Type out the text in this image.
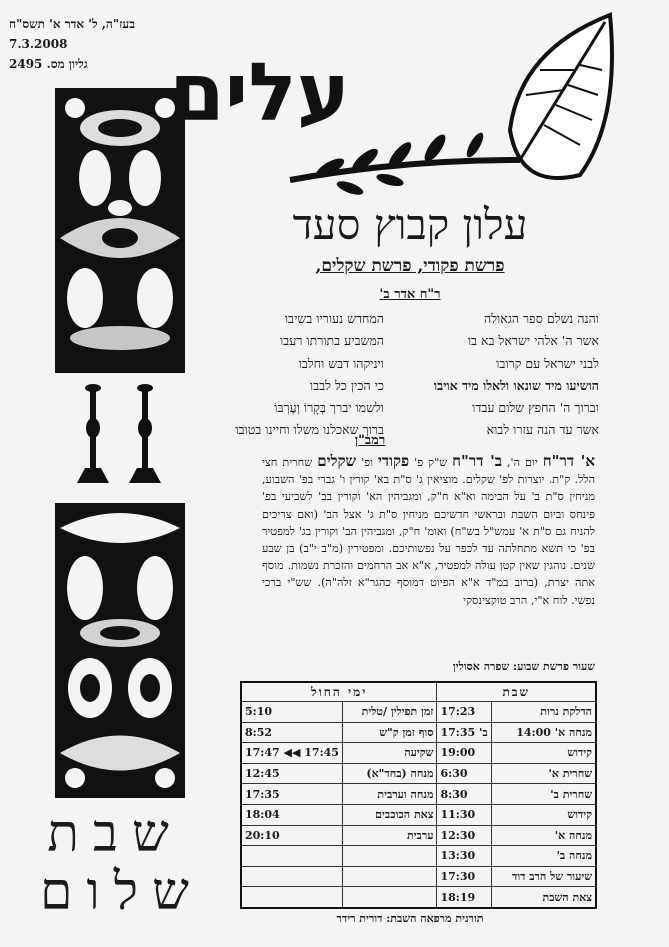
בעז"ה, ל' אדר א' תשס"ח
7.3.2008
גליון מס. 2495
שבת
שלום
עלים
עלון קבוץ סעד
פרשת פקודי, פרשת שקלים,
ר"ח אדר ב'
והנה נשלם ספר הגאולה
אשר ה' אלהי ישראל בא בו
לבני ישראל עם קרובו
הושיעו מיד שונאו ולאלו מיד אויבו
וברוך ה' החפץ שלום עבדו
אשר עד הנה עזרו לבוא
המחדש נעוריו בשיבו
המשביע בתורתו רעבו
ויניקהו דבש וחלבו
כי הכין כל לבבו
ולשמו יברך בְּקָרוֹ וְעֶרְבּוֹ
ברוך שאכלנו משלו וחיינו בטובו
רמב"ן
א' דר"ח יום ה', ב' דר"ח ש"ק פ' פקודי ופ' שקלים שחרית חצי הלל. ק"ת. יוצרות לפ' שקלים. מוציאין ג' ס"ת בא' קורין ו' גברי בפ' השבוע, מניחין ס"ת ב' על הבימה וא"א ח"ק, ומגביהין הא' וקורין בב' לשביעי בפ' פינחס וביום השבת ובראשי חדשיכם מניחין ס"ת ג' אצל הב' (ואם צריכים להניח גם ס"ת א' עמש"ל בש"ח) ואומ' ח"ק, ומגביהין הב' וקורין בג' למפטיר בפ' כי תשא מתחלתה עד לכפר על נפשותיכם. ומפטירין (מ"ב י"ב) בן שבע שנים. נוהגין שאין קטן עולה למפטיר, א"א אב הרחמים והזכרת נשמות. מוסף אתה יצרת, (ברוב במ"ד א"א הפיוט דמוסף כהגר"א זלה"ה). שש"י ברכי נפשי. לוח א"י, הרב טוקצינסקי
שעור פרשת שבוע: שפרה אסולין
שבת		ימי החול	
הדלקת נרות	17:23	זמן תפילין /טלית	5:10
מנחה א' 14:00	ב' 17:35	סוף זמן ק"ש	8:52
קידוש	19:00	שקיעה	17:45 ◀◀ 17:47
שחרית א'	6:30	מנחה (בחד"א)	12:45
שחרית ב'	8:30	מנחה וערבית	17:35
קידוש	11:30	צאת הכוכבים	18:04
מנחה א'	12:30	ערבית	20:10
מנחה ב'	13:30		
שיעור של הרב דוד	17:30		
צאת השבת	18:19		
תורנית מרפאה השבת: דורית רידר
